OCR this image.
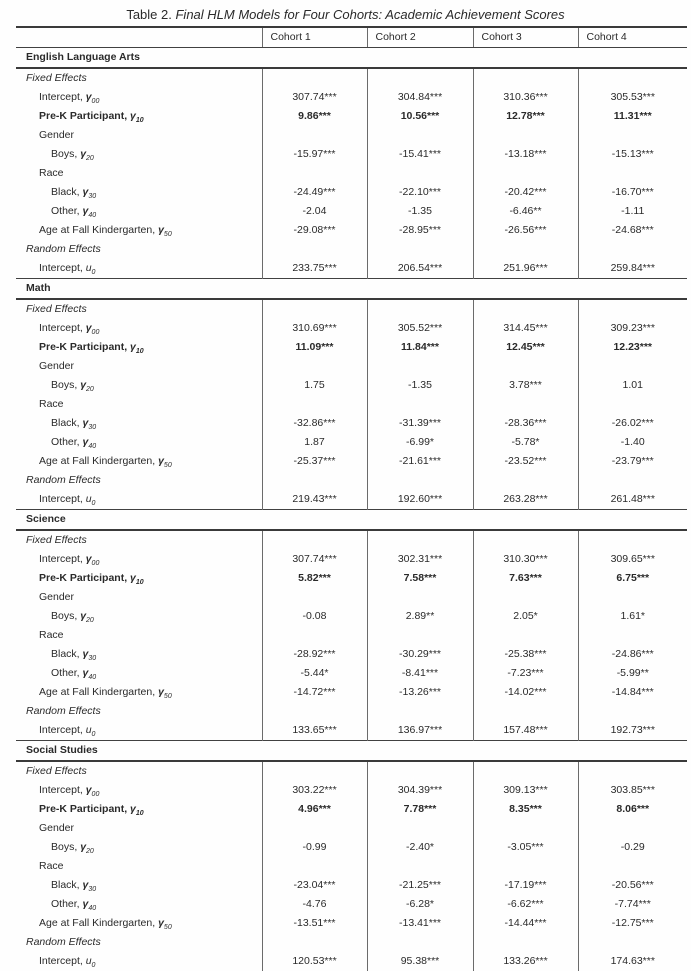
Table 2. Final HLM Models for Four Cohorts: Academic Achievement Scores
	Cohort 1	Cohort 2	Cohort 3	Cohort 4
English Language Arts				
Fixed Effects				
Intercept, $\gamma_{00}$	307.74***	304.84***	310.36***	305.53***
Pre-K Participant, $\gamma_{10}$	9.86***	10.56***	12.78***	11.31***
Gender				
Boys, $\gamma_{20}$	-15.97***	-15.41***	-13.18***	-15.13***
Race				
Black, $\gamma_{30}$	-24.49***	-22.10***	-20.42***	-16.70***
Other, $\gamma_{40}$	-2.04	-1.35	-6.46**	-1.11
Age at Fall Kindergarten, $\gamma_{50}$	-29.08***	-28.95***	-26.56***	-24.68***
Random Effects				
Intercept, $u_0$	233.75***	206.54***	251.96***	259.84***
Math				
Fixed Effects				
Intercept, $\gamma_{00}$	310.69***	305.52***	314.45***	309.23***
Pre-K Participant, $\gamma_{10}$	11.09***	11.84***	12.45***	12.23***
Gender				
Boys, $\gamma_{20}$	1.75	-1.35	3.78***	1.01
Race				
Black, $\gamma_{30}$	-32.86***	-31.39***	-28.36***	-26.02***
Other, $\gamma_{40}$	1.87	-6.99*	-5.78*	-1.40
Age at Fall Kindergarten, $\gamma_{50}$	-25.37***	-21.61***	-23.52***	-23.79***
Random Effects				
Intercept, $u_0$	219.43***	192.60***	263.28***	261.48***
Science				
Fixed Effects				
Intercept, $\gamma_{00}$	307.74***	302.31***	310.30***	309.65***
Pre-K Participant, $\gamma_{10}$	5.82***	7.58***	7.63***	6.75***
Gender				
Boys, $\gamma_{20}$	-0.08	2.89**	2.05*	1.61*
Race				
Black, $\gamma_{30}$	-28.92***	-30.29***	-25.38***	-24.86***
Other, $\gamma_{40}$	-5.44*	-8.41***	-7.23***	-5.99**
Age at Fall Kindergarten, $\gamma_{50}$	-14.72***	-13.26***	-14.02***	-14.84***
Random Effects				
Intercept, $u_0$	133.65***	136.97***	157.48***	192.73***
Social Studies				
Fixed Effects				
Intercept, $\gamma_{00}$	303.22***	304.39***	309.13***	303.85***
Pre-K Participant, $\gamma_{10}$	4.96***	7.78***	8.35***	8.06***
Gender				
Boys, $\gamma_{20}$	-0.99	-2.40*	-3.05***	-0.29
Race				
Black, $\gamma_{30}$	-23.04***	-21.25***	-17.19***	-20.56***
Other, $\gamma_{40}$	-4.76	-6.28*	-6.62***	-7.74***
Age at Fall Kindergarten, $\gamma_{50}$	-13.51***	-13.41***	-14.44***	-12.75***
Random Effects				
Intercept, $u_0$	120.53***	95.38***	133.26***	174.63***
